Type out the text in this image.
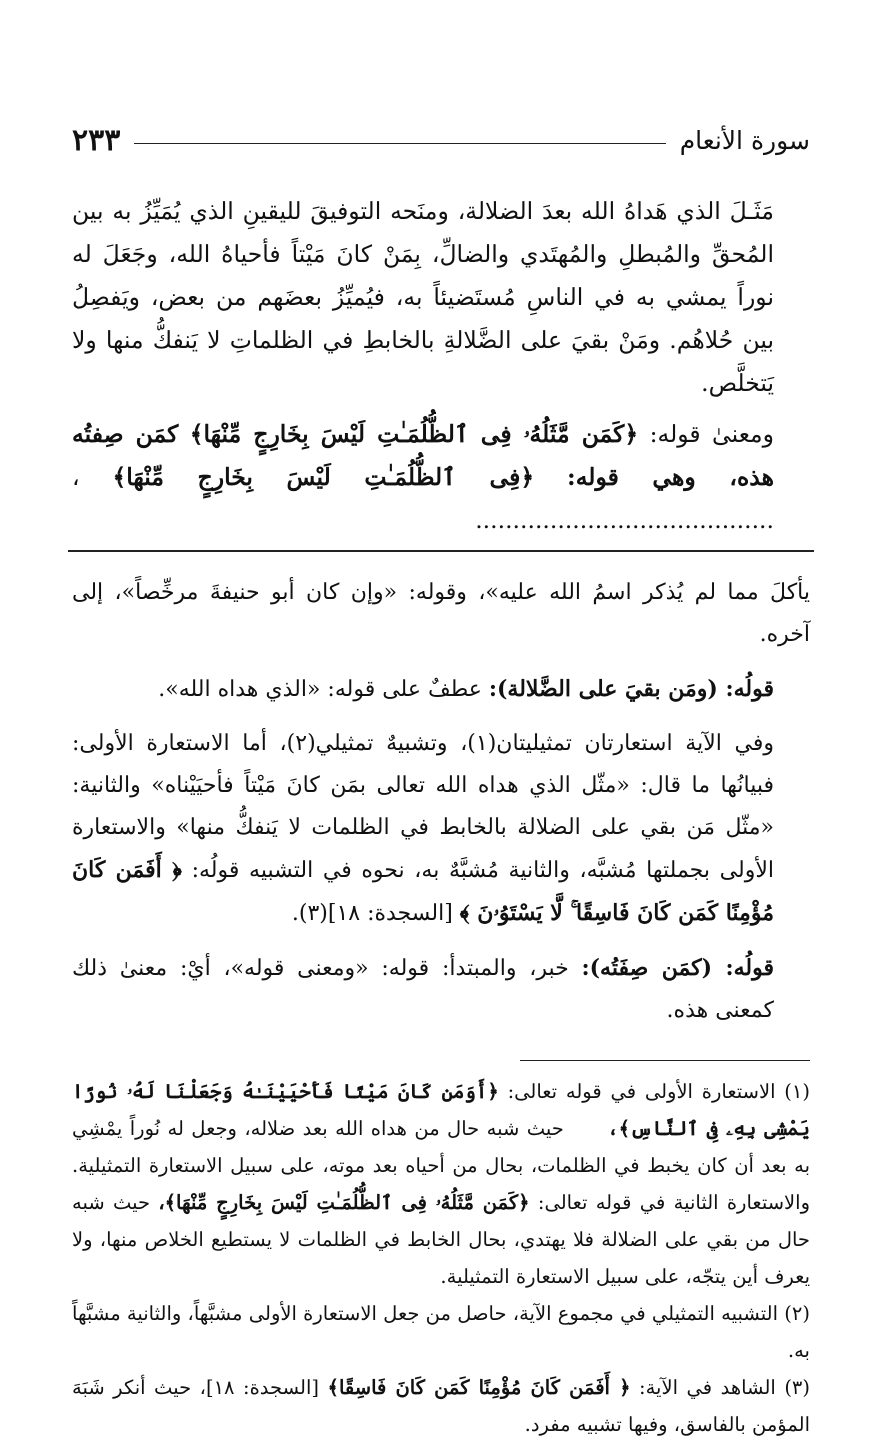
سورة الأنعام
٢٣٣

مَثَـلَ الذي هَداهُ الله بعدَ الضلالة، ومنَحه التوفيقَ لليقينِ الذي يُمَيِّزُ به بين المُحقِّ والمُبطلِ والمُهتَدي والضالِّ، بِمَنْ كانَ مَيْتاً فأحياهُ الله، وجَعَلَ له نوراً يمشي به في الناسِ مُستَضيئاً به، فيُميِّزُ بعضَهم من بعض، ويَفصِلُ بين حُلاهُم. ومَنْ بقيَ على الضَّلالةِ بالخابطِ في الظلماتِ لا يَنفكُّ منها ولا يَتخلَّص.

ومعنىٰ قوله: ﴿كَمَن مَّثَلُهُۥ فِى ٱلظُّلُمَـٰتِ لَيْسَ بِخَارِجٍ مِّنْهَا﴾ كمَن صِفتُه هذه، وهي قوله: ﴿فِى ٱلظُّلُمَـٰتِ لَيْسَ بِخَارِجٍ مِّنْهَا﴾ ، ........................................

يأكلَ مما لم يُذكر اسمُ الله عليه»، وقوله: «وإن كان أبو حنيفةَ مرخِّصاً»، إلى آخره.

قولُه: (ومَن بقيَ على الضَّلالة): عطفٌ على قوله: «الذي هداه الله».

وفي الآية استعارتان تمثيليتان(١)، وتشبيهٌ تمثيلي(٢)، أما الاستعارة الأولى: فبيانُها ما قال: «مثّل الذي هداه الله تعالى بمَن كانَ مَيْتاً فأحيَيْناه» والثانية: «مثّل مَن بقي على الضلالة بالخابط في الظلمات لا يَنفكُّ منها» والاستعارة الأولى بجملتها مُشبَّه، والثانية مُشبَّهٌ به، نحوه في التشبيه قولُه: ﴿ أَفَمَن كَانَ مُؤْمِنًا كَمَن كَانَ فَاسِقًا ۚ لَّا يَسْتَوُۥنَ ﴾ [السجدة: ١٨](٣).

قولُه: (كمَن صِفَتُه): خبر، والمبتدأ: قوله: «ومعنى قوله»، أيْ: معنىٰ ذلك كمعنى هذه.

(١) الاستعارة الأولى في قوله تعالى: ﴿أَوَمَن كَانَ مَيْتًا فَأَحْيَيْنَـٰهُ وَجَعَلْنَا لَهُۥ نُورًا يَمْشِى بِهِۦ فِى ٱلنَّاسِ﴾، حيث شبه حال من هداه الله بعد ضلاله، وجعل له نُوراً يمْشِي به بعد أن كان يخبط في الظلمات، بحال من أحياه بعد موته، على سبيل الاستعارة التمثيلية. والاستعارة الثانية في قوله تعالى: ﴿كَمَن مَّثَلُهُۥ فِى ٱلظُّلُمَـٰتِ لَيْسَ بِخَارِجٍ مِّنْهَا﴾، حيث شبه حال من بقي على الضلالة فلا يهتدي، بحال الخابط في الظلمات لا يستطيع الخلاص منها، ولا يعرف أين يتجّه، على سبيل الاستعارة التمثيلية.

(٢) التشبيه التمثيلي في مجموع الآية، حاصل من جعل الاستعارة الأولى مشبَّهاً، والثانية مشبَّهاً به.

(٣) الشاهد في الآية: ﴿ أَفَمَن كَانَ مُؤْمِنًا كَمَن كَانَ فَاسِقًا﴾ [السجدة: ١٨]، حيث أنكر شَبَهَ المؤمن بالفاسق، وفيها تشبيه مفرد.
